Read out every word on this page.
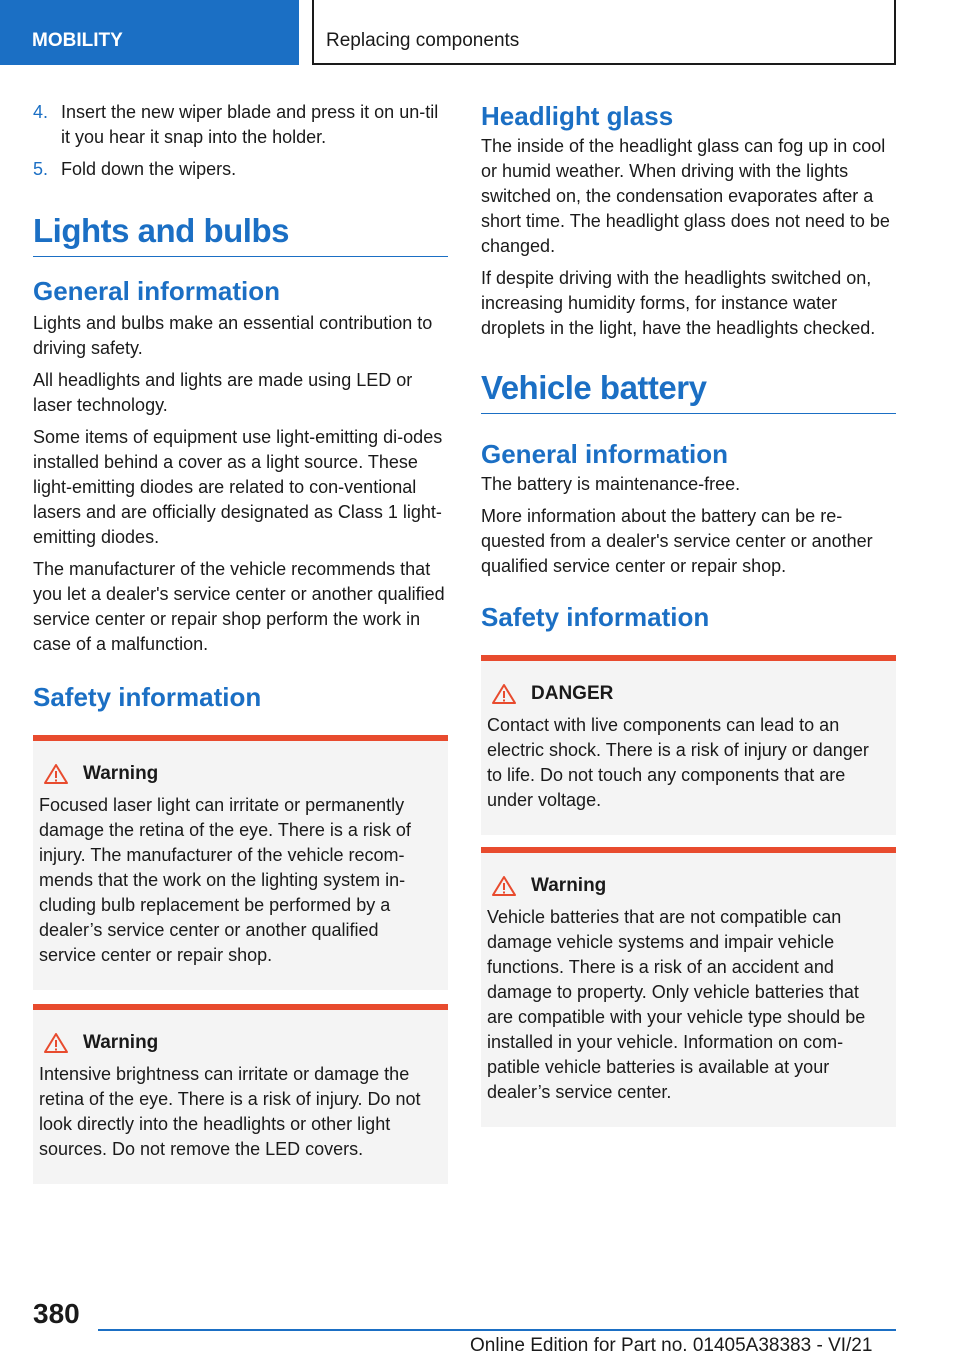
MOBILITY	Replacing components
4. Insert the new wiper blade and press it on un-til it you hear it snap into the holder.
5. Fold down the wipers.
Lights and bulbs
General information

Lights and bulbs make an essential contribution to driving safety.

All headlights and lights are made using LED or laser technology.

Some items of equipment use light-emitting di-odes installed behind a cover as a light source. These light-emitting diodes are related to con-ventional lasers and are officially designated as Class 1 light-emitting diodes.

The manufacturer of the vehicle recommends that you let a dealer's service center or another qualified service center or repair shop perform the work in case of a malfunction.

Safety information
Warning
Focused laser light can irritate or permanently damage the retina of the eye. There is a risk of injury. The manufacturer of the vehicle recom-mends that the work on the lighting system in-cluding bulb replacement be performed by a dealer’s service center or another qualified service center or repair shop.
Warning
Intensive brightness can irritate or damage the retina of the eye. There is a risk of injury. Do not look directly into the headlights or other light sources. Do not remove the LED covers.
Headlight glass

The inside of the headlight glass can fog up in cool or humid weather. When driving with the lights switched on, the condensation evaporates after a short time. The headlight glass does not need to be changed.

If despite driving with the headlights switched on, increasing humidity forms, for instance water droplets in the light, have the headlights checked.

Vehicle battery
General information

The battery is maintenance-free.

More information about the battery can be re-quested from a dealer's service center or another qualified service center or repair shop.

Safety information
DANGER
Contact with live components can lead to an electric shock. There is a risk of injury or danger to life. Do not touch any components that are under voltage.
Warning
Vehicle batteries that are not compatible can damage vehicle systems and impair vehicle functions. There is a risk of an accident and damage to property. Only vehicle batteries that are compatible with your vehicle type should be installed in your vehicle. Information on com-patible vehicle batteries is available at your dealer’s service center.
380
Online Edition for Part no. 01405A38383 - VI/21
